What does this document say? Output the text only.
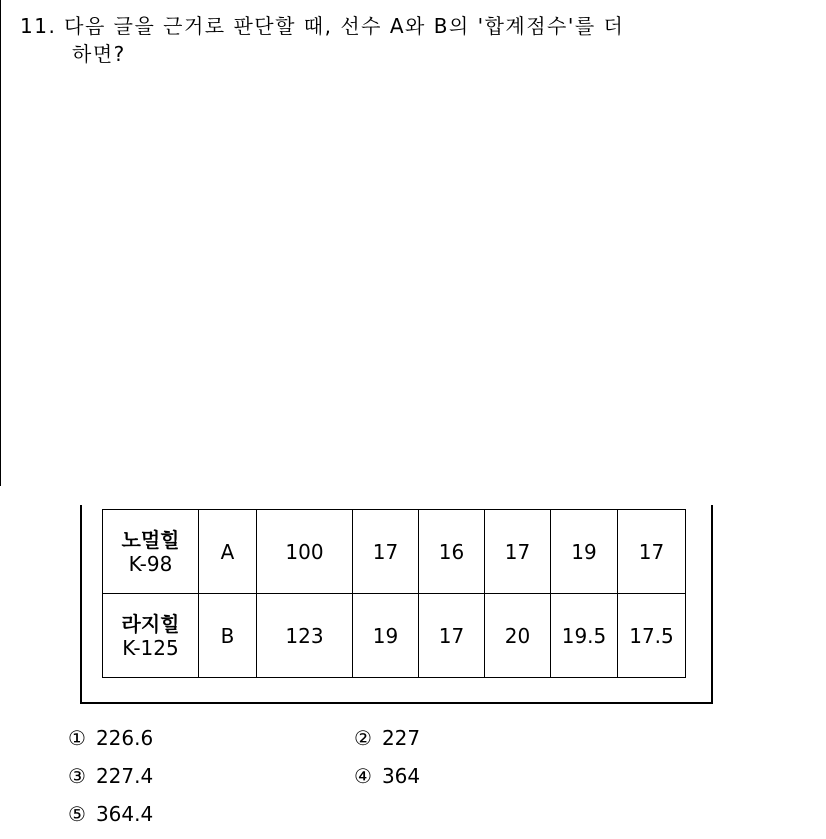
11. 다음 글을 근거로 판단할 때, 선수 A와 B의 '합계점수'를 더
하면?
노멀힐
K-98	A	100	17	16	17	19	17

라지힐
K-125	B	123	19	17	20	19.5	17.5
① 226.6	② 227
③ 227.4	④ 364
⑤ 364.4
